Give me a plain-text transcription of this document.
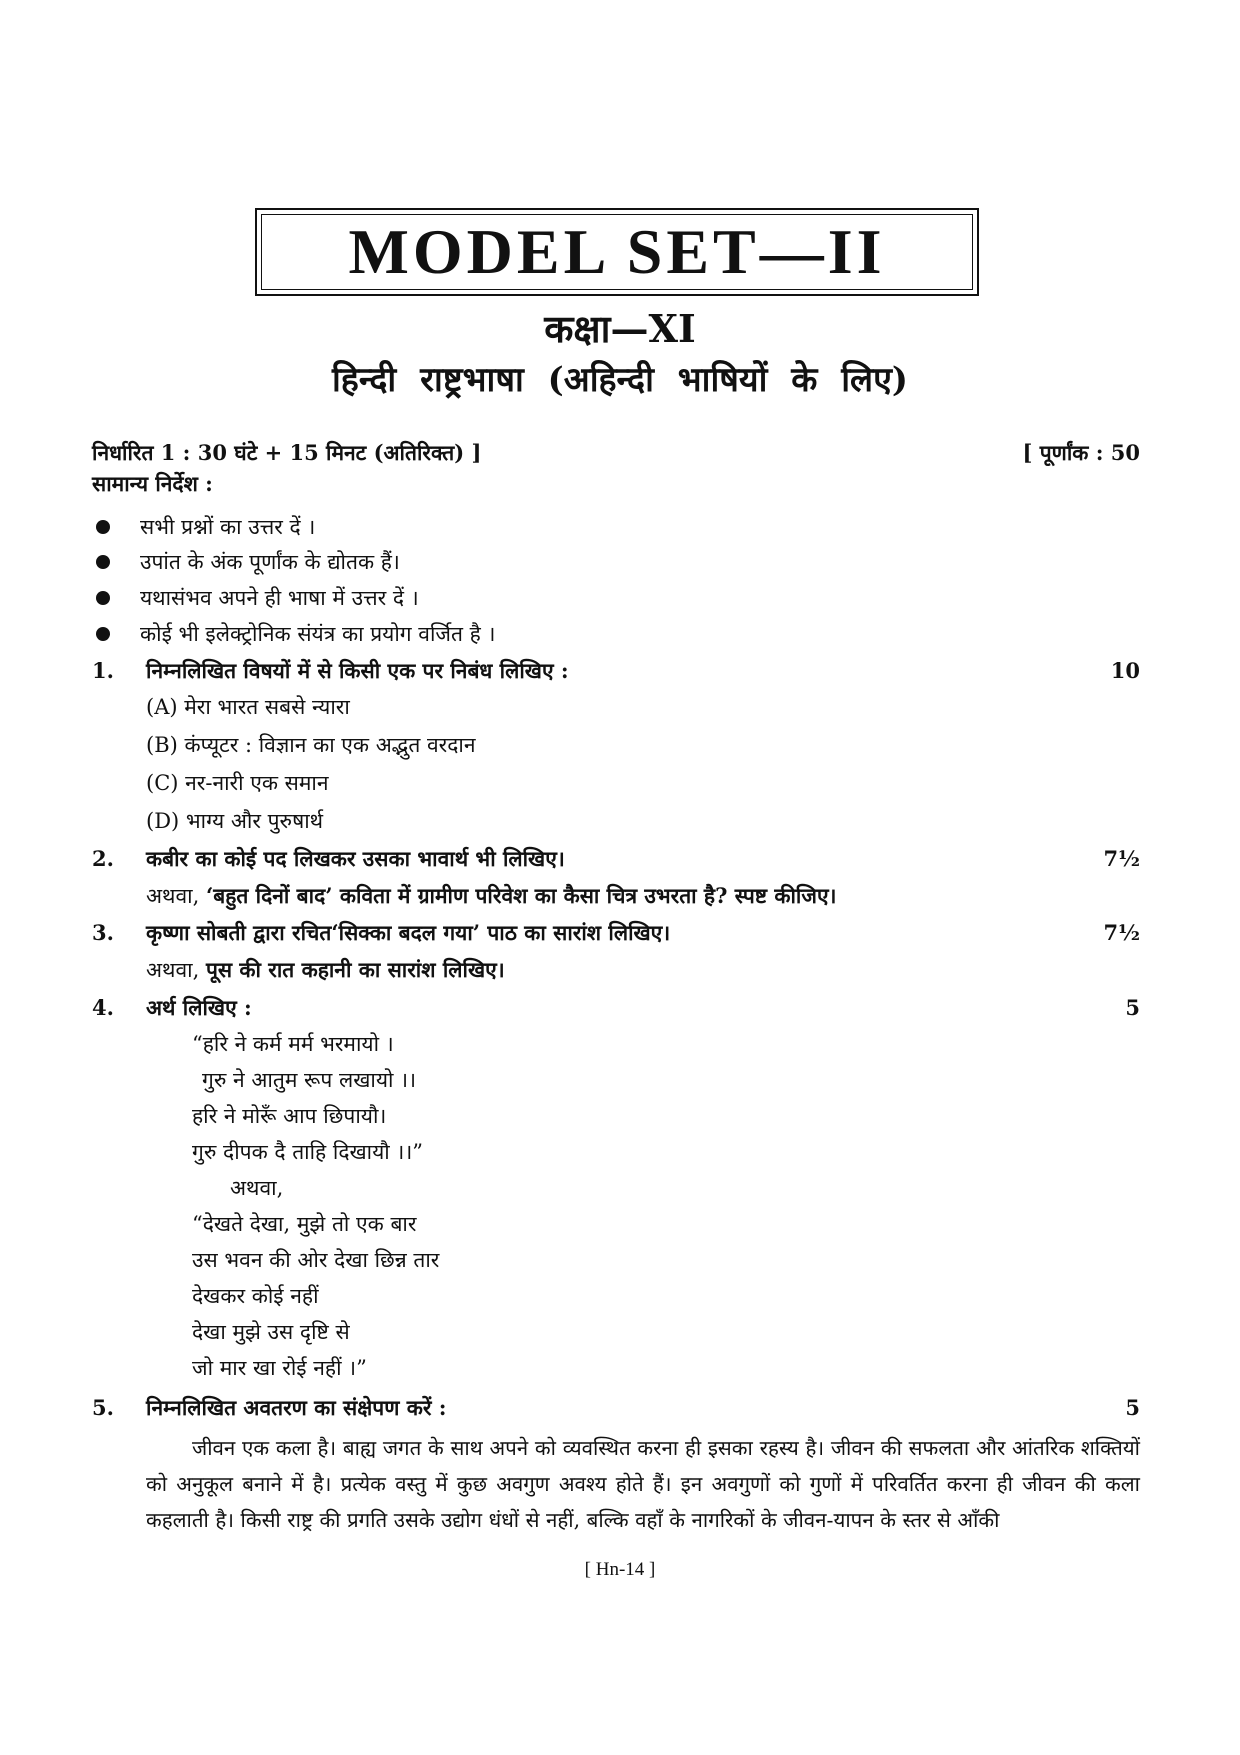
MODEL SET—II
कक्षा—XI
हिन्दी राष्ट्रभाषा (अहिन्दी भाषियों के लिए)
निर्धारित 1 : 30 घंटे + 15 मिनट (अतिरिक्त) ]	[ पूर्णांक : 50
सामान्य निर्देश :
सभी प्रश्नों का उत्तर दें ।
उपांत के अंक पूर्णांक के द्योतक हैं।
यथासंभव अपने ही भाषा में उत्तर दें ।
कोई भी इलेक्ट्रोनिक संयंत्र का प्रयोग वर्जित है ।
1. निम्नलिखित विषयों में से किसी एक पर निबंध लिखिए :	10
(A) मेरा भारत सबसे न्यारा
(B) कंप्यूटर : विज्ञान का एक अद्भुत वरदान
(C) नर-नारी एक समान
(D) भाग्य और पुरुषार्थ
2. कबीर का कोई पद लिखकर उसका भावार्थ भी लिखिए।	7½
अथवा, ‘बहुत दिनों बाद’ कविता में ग्रामीण परिवेश का कैसा चित्र उभरता है? स्पष्ट कीजिए।
3. कृष्णा सोबती द्वारा रचित‘सिक्का बदल गया’ पाठ का सारांश लिखिए।	7½
अथवा, पूस की रात कहानी का सारांश लिखिए।
4. अर्थ लिखिए :	5
“हरि ने कर्म मर्म भरमायो ।
गुरु ने आतुम रूप लखायो ।।
हरि ने मोरूँ आप छिपायौ।
गुरु दीपक दै ताहि दिखायौ ।।”
अथवा,
“देखते देखा, मुझे तो एक बार
उस भवन की ओर देखा छिन्न तार
देखकर कोई नहीं
देखा मुझे उस दृष्टि से
जो मार खा रोई नहीं ।”
5. निम्नलिखित अवतरण का संक्षेपण करें :	5
जीवन एक कला है। बाह्य जगत के साथ अपने को व्यवस्थित करना ही इसका रहस्य है। जीवन की सफलता और आंतरिक शक्तियों को अनुकूल बनाने में है। प्रत्येक वस्तु में कुछ अवगुण अवश्य होते हैं। इन अवगुणों को गुणों में परिवर्तित करना ही जीवन की कला कहलाती है। किसी राष्ट्र की प्रगति उसके उद्योग धंधों से नहीं, बल्कि वहाँ के नागरिकों के जीवन-यापन के स्तर से आँकी
[ Hn-14 ]
